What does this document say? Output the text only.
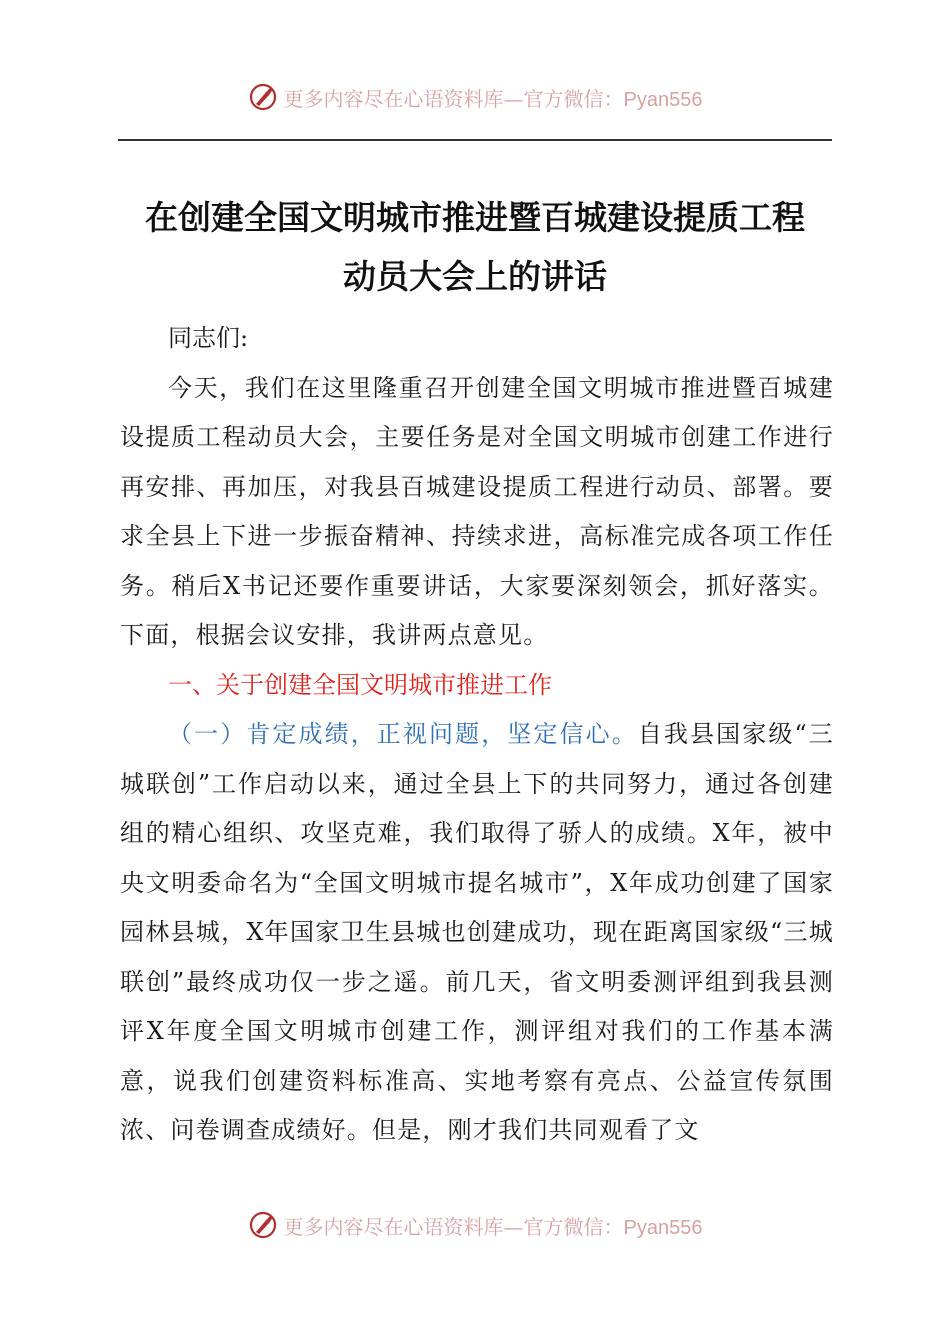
更多内容尽在心语资料库—官方微信：Pyan556
在创建全国文明城市推进暨百城建设提质工程
动员大会上的讲话

同志们:

今天，我们在这里隆重召开创建全国文明城市推进暨百城建设提质工程动员大会，主要任务是对全国文明城市创建工作进行再安排、再加压，对我县百城建设提质工程进行动员、部署。要求全县上下进一步振奋精神、持续求进，高标准完成各项工作任务。稍后X书记还要作重要讲话，大家要深刻领会，抓好落实。下面，根据会议安排，我讲两点意见。

一、关于创建全国文明城市推进工作

（一）肯定成绩，正视问题，坚定信心。自我县国家级“三城联创”工作启动以来，通过全县上下的共同努力，通过各创建组的精心组织、攻坚克难，我们取得了骄人的成绩。X年，被中央文明委命名为“全国文明城市提名城市”，X年成功创建了国家园林县城，X年国家卫生县城也创建成功，现在距离国家级“三城联创”最终成功仅一步之遥。前几天，省文明委测评组到我县测评X年度全国文明城市创建工作，测评组对我们的工作基本满意，说我们创建资料标准高、实地考察有亮点、公益宣传氛围浓、问卷调查成绩好。但是，刚才我们共同观看了文

更多内容尽在心语资料库—官方微信：Pyan556
